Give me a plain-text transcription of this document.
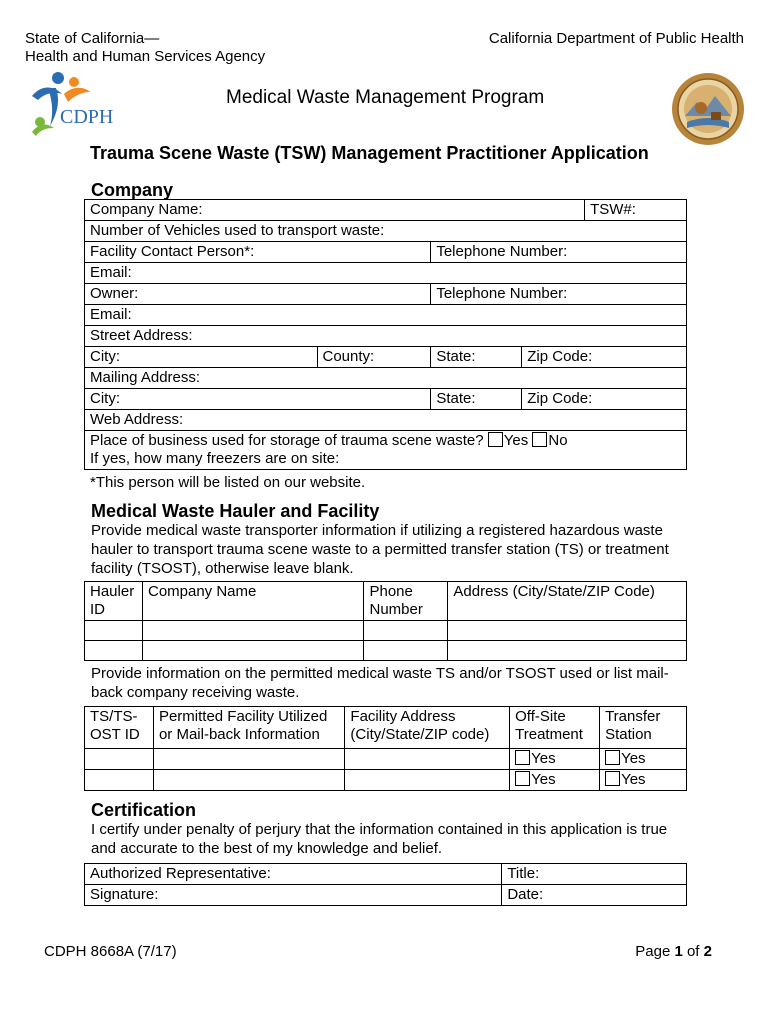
State of California—
Health and Human Services Agency
California Department of Public Health
CDPH
Medical Waste Management Program
Trauma Scene Waste (TSW) Management Practitioner Application
Company
Company Name:				TSW#:
Number of Vehicles used to transport waste:				
Facility Contact Person*:		Telephone Number:		
Email:				
Owner:		Telephone Number:		
Email:				
Street Address:				
City:	County:	State:	Zip Code:	
Mailing Address:				
City:		State:	Zip Code:	
Web Address:				
Place of business used for storage of trauma scene waste? Yes No
If yes, how many freezers are on site:				
*This person will be listed on our website.
Medical Waste Hauler and Facility
Provide medical waste transporter information if utilizing a registered hazardous waste hauler to transport trauma scene waste to a permitted transfer station (TS) or treatment facility (TSOST), otherwise leave blank.
Hauler ID	Company Name	Phone Number	Address (City/State/ZIP Code)

Provide information on the permitted medical waste TS and/or TSOST used or list mail-back company receiving waste.
TS/TS-OST ID	Permitted Facility Utilized or Mail-back Information	Facility Address (City/State/ZIP code)	Off-Site Treatment	Transfer Station
			Yes	Yes
			Yes	Yes
Certification
I certify under penalty of perjury that the information contained in this application is true and accurate to the best of my knowledge and belief.
Authorized Representative:	Title:
Signature:	Date:
CDPH 8668A (7/17)	Page 1 of 2
